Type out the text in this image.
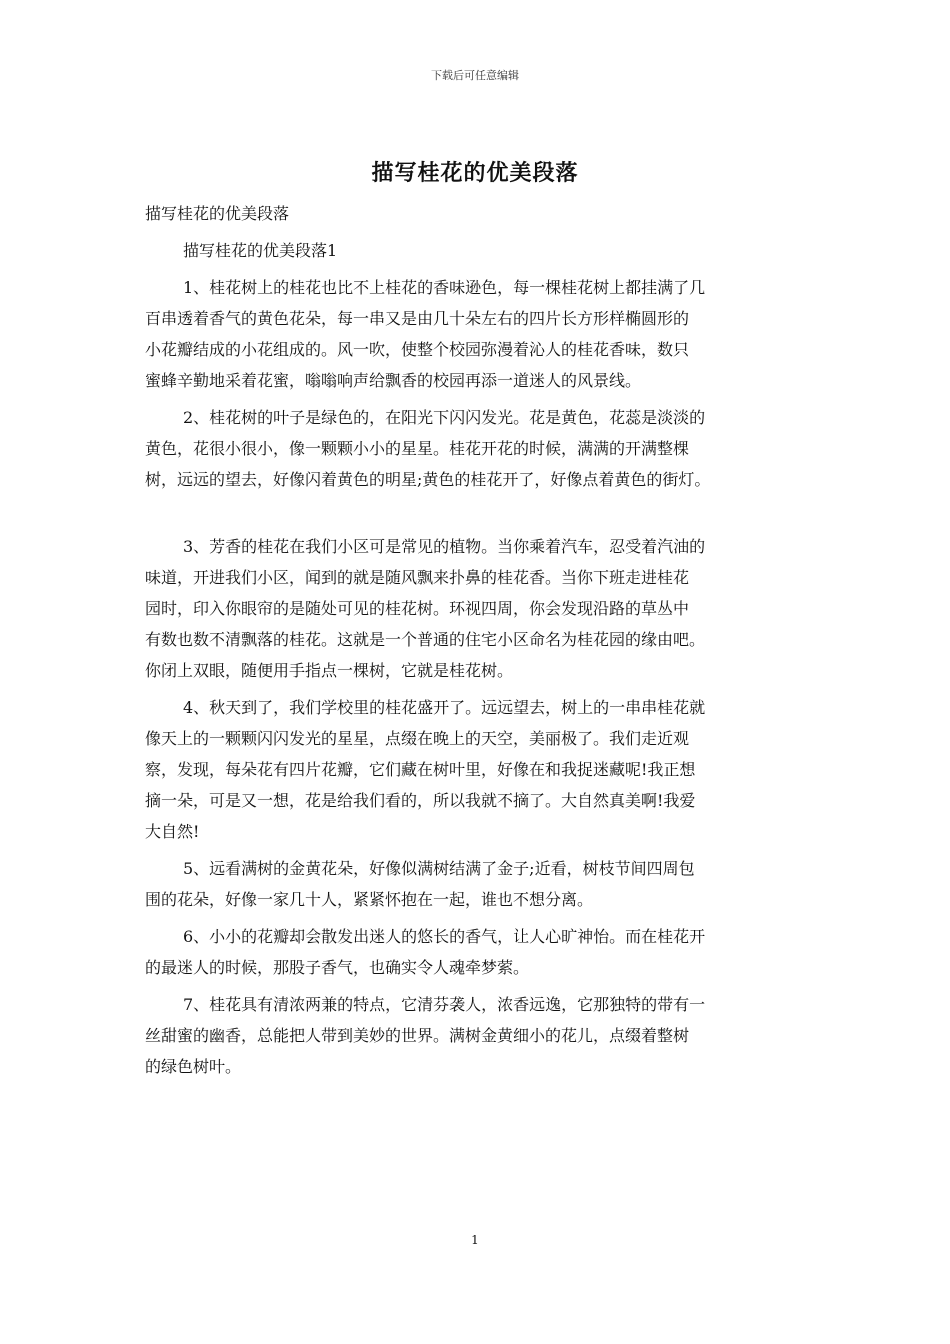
下载后可任意编辑
描写桂花的优美段落
描写桂花的优美段落
描写桂花的优美段落1
1、桂花树上的桂花也比不上桂花的香味逊色，每一棵桂花树上都挂满了几
百串透着香气的黄色花朵，每一串又是由几十朵左右的四片长方形样椭圆形的
小花瓣结成的小花组成的。风一吹，使整个校园弥漫着沁人的桂花香味，数只
蜜蜂辛勤地采着花蜜，嗡嗡响声给飘香的校园再添一道迷人的风景线。
2、桂花树的叶子是绿色的，在阳光下闪闪发光。花是黄色，花蕊是淡淡的
黄色，花很小很小，像一颗颗小小的星星。桂花开花的时候，满满的开满整棵
树，远远的望去，好像闪着黄色的明星;黄色的桂花开了，好像点着黄色的街灯。
3、芳香的桂花在我们小区可是常见的植物。当你乘着汽车，忍受着汽油的
味道，开进我们小区，闻到的就是随风飘来扑鼻的桂花香。当你下班走进桂花
园时，印入你眼帘的是随处可见的桂花树。环视四周，你会发现沿路的草丛中
有数也数不清飘落的桂花。这就是一个普通的住宅小区命名为桂花园的缘由吧。
你闭上双眼，随便用手指点一棵树，它就是桂花树。
4、秋天到了，我们学校里的桂花盛开了。远远望去，树上的一串串桂花就
像天上的一颗颗闪闪发光的星星，点缀在晚上的天空，美丽极了。我们走近观
察，发现，每朵花有四片花瓣，它们藏在树叶里，好像在和我捉迷藏呢!我正想
摘一朵，可是又一想，花是给我们看的，所以我就不摘了。大自然真美啊!我爱
大自然!
5、远看满树的金黄花朵，好像似满树结满了金子;近看，树枝节间四周包
围的花朵，好像一家几十人，紧紧怀抱在一起，谁也不想分离。
6、小小的花瓣却会散发出迷人的悠长的香气，让人心旷神怡。而在桂花开
的最迷人的时候，那股子香气，也确实令人魂牵梦萦。
7、桂花具有清浓两兼的特点，它清芬袭人，浓香远逸，它那独特的带有一
丝甜蜜的幽香，总能把人带到美妙的世界。满树金黄细小的花儿，点缀着整树
的绿色树叶。
1
